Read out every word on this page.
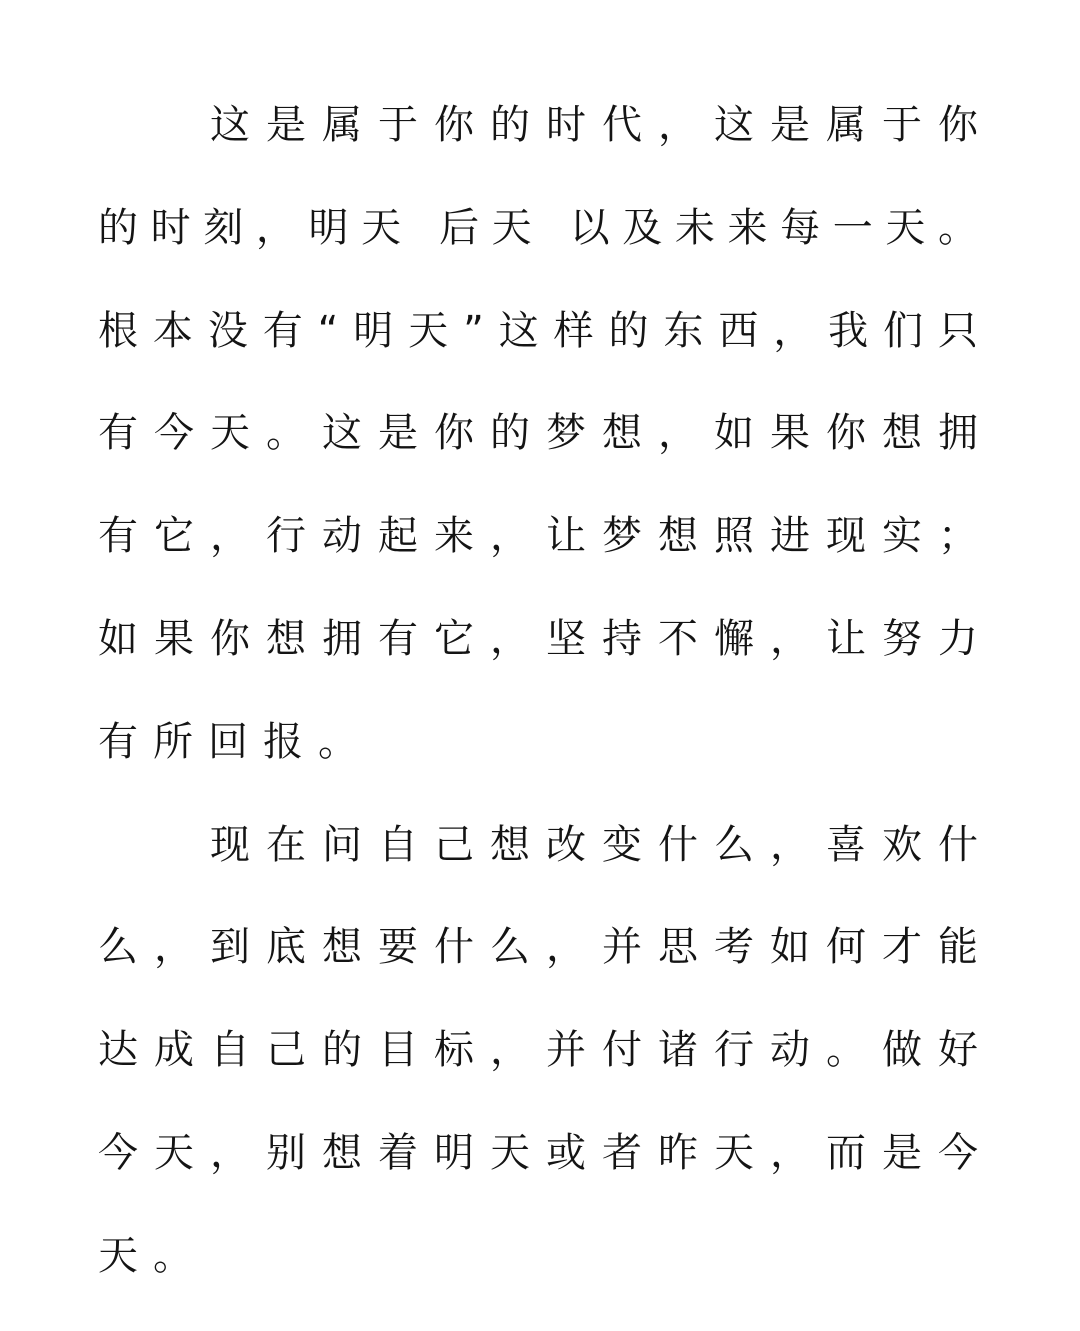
这是属于你的时代，这是属于你
的时刻，明天 后天 以及未来每一天。
根本没有“明天”这样的东西，我们只
有今天。这是你的梦想，如果你想拥
有它，行动起来，让梦想照进现实；
如果你想拥有它，坚持不懈，让努力
有所回报。
现在问自己想改变什么，喜欢什
么，到底想要什么，并思考如何才能
达成自己的目标，并付诸行动。做好
今天，别想着明天或者昨天，而是今
天。
